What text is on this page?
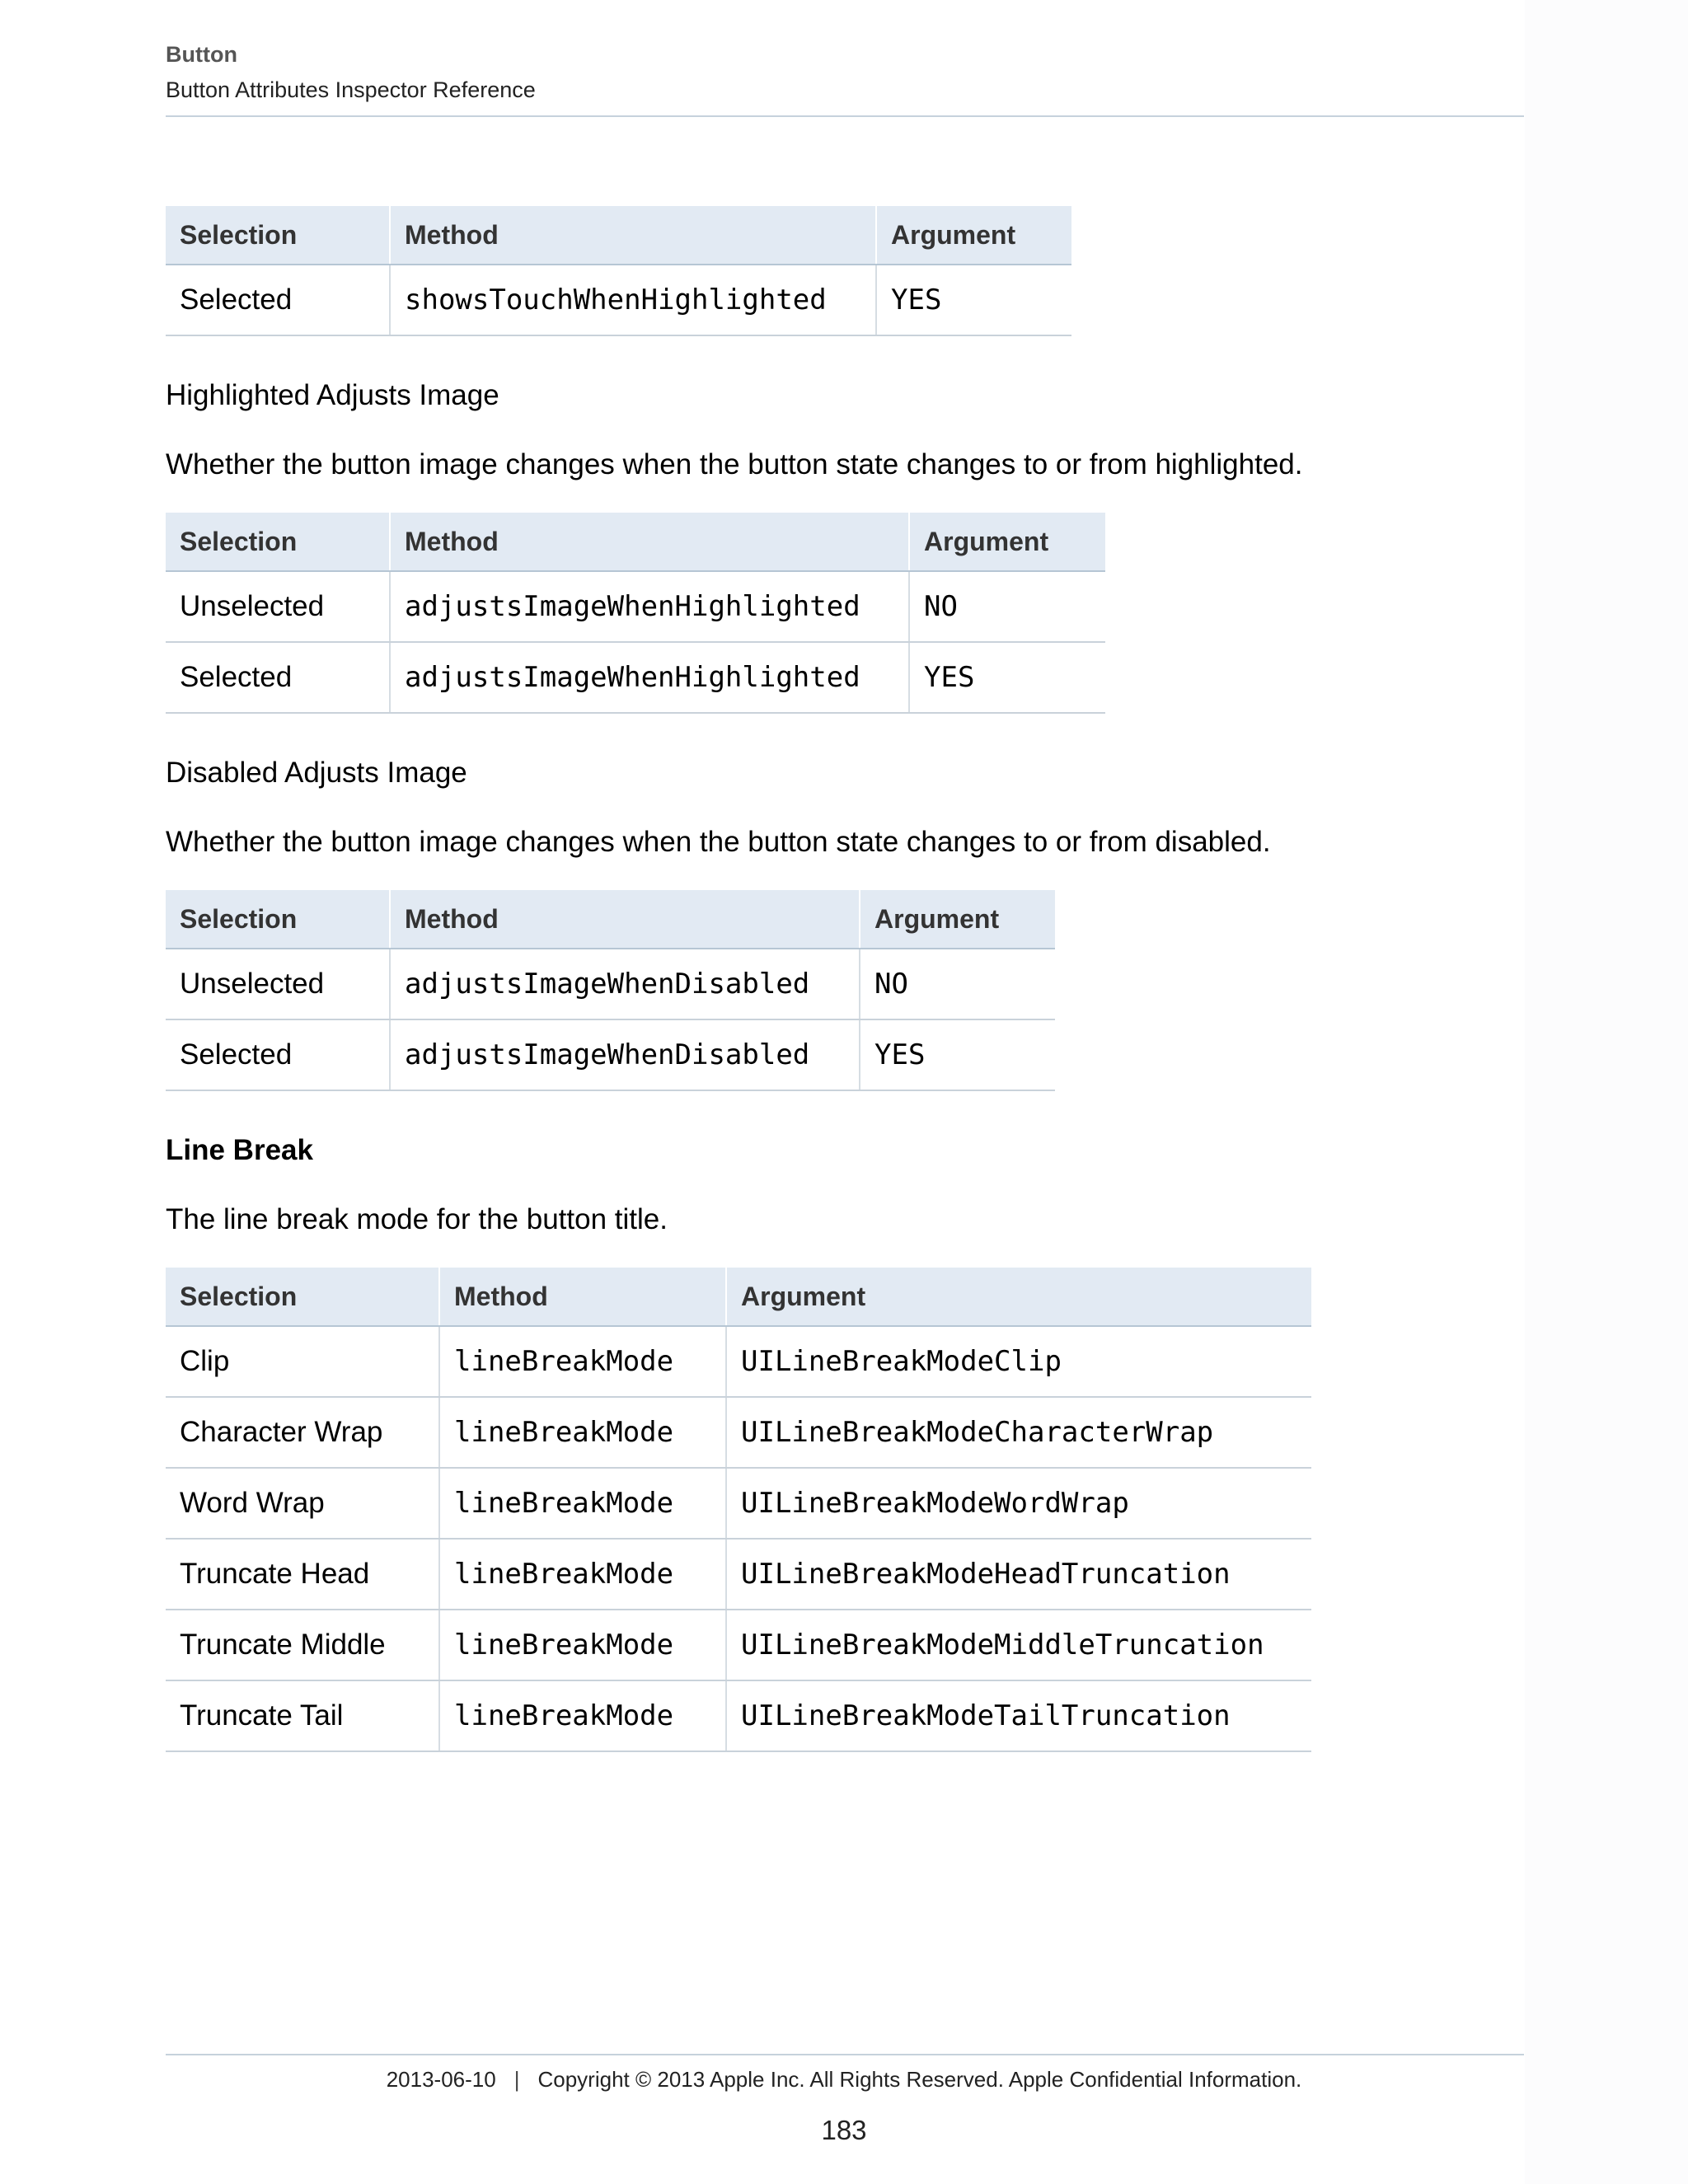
Button
Button Attributes Inspector Reference
Selection	Method	Argument
Selected	showsTouchWhenHighlighted	YES
Highlighted Adjusts Image
Whether the button image changes when the button state changes to or from highlighted.
Selection	Method	Argument
Unselected	adjustsImageWhenHighlighted	NO
Selected	adjustsImageWhenHighlighted	YES
Disabled Adjusts Image
Whether the button image changes when the button state changes to or from disabled.
Selection	Method	Argument
Unselected	adjustsImageWhenDisabled	NO
Selected	adjustsImageWhenDisabled	YES
Line Break
The line break mode for the button title.
Selection	Method	Argument
Clip	lineBreakMode	UILineBreakModeClip
Character Wrap	lineBreakMode	UILineBreakModeCharacterWrap
Word Wrap	lineBreakMode	UILineBreakModeWordWrap
Truncate Head	lineBreakMode	UILineBreakModeHeadTruncation
Truncate Middle	lineBreakMode	UILineBreakModeMiddleTruncation
Truncate Tail	lineBreakMode	UILineBreakModeTailTruncation
2013-06-10 | Copyright © 2013 Apple Inc. All Rights Reserved. Apple Confidential Information.
183
